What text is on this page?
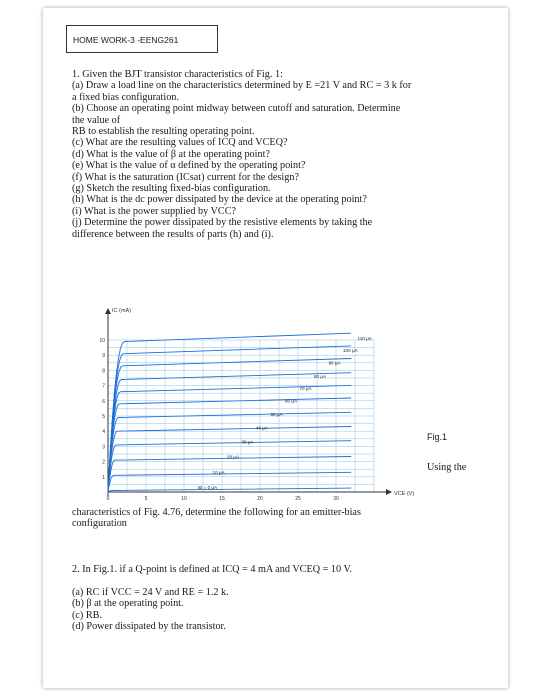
HOME WORK-3 -EENG261

1. Given the BJT transistor characteristics of Fig. 1:

(a) Draw a load line on the characteristics determined by E =21 V and RC = 3 k for

a fixed bias configuration.

(b) Choose an operating point midway between cutoff and saturation. Determine

the value of

RB to establish the resulting operating point.

(c) What are the resulting values of ICQ and VCEQ?

(d) What is the value of β at the operating point?

(e) What is the value of α defined by the operating point?

(f) What is the saturation (ICsat) current for the design?

(g) Sketch the resulting fixed-bias configuration.

(h) What is the dc power dissipated by the device at the operating point?

(i) What is the power supplied by VCC?

(j) Determine the power dissipated by the resistive elements by taking the

difference between the results of parts (h) and (i).

IC (mA)
VCE (V)
0	5	10	15	20	25	30
1
2
3
4
5
6
7
8
9
10	110 μA
100 μA
90 μA
80 μA
70 μA
60 μA
50 μA
40 μA
30 μA
20 μA
10 μA
IB = 0 μA
Fig.1
Using the

characteristics of Fig. 4.76, determine the following for an emitter-bias

configuration

2. In Fig.1. if a Q-point is defined at ICQ = 4 mA and VCEQ = 10 V.

(a) RC if VCC = 24 V and RE = 1.2 k.

(b) β at the operating point.

(c) RB.

(d) Power dissipated by the transistor.
